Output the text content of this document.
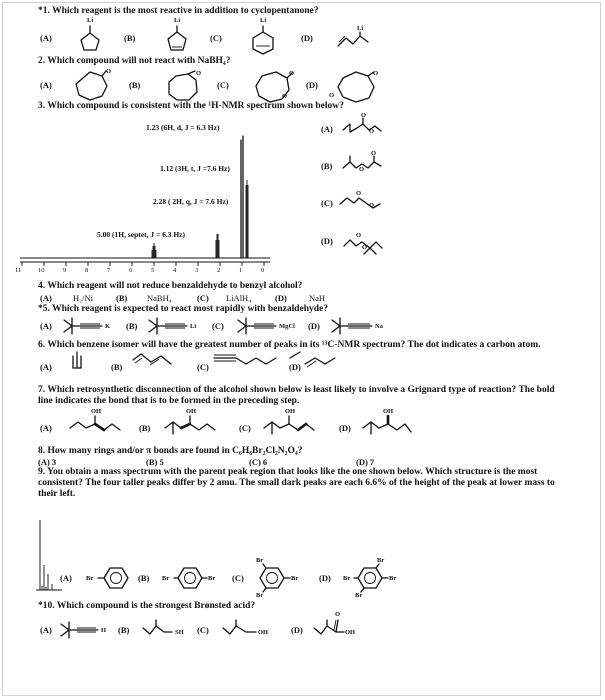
*1. Which reagent is the most reactive in addition to cyclopentanone?
(A)	(B)	(C)	(D)
Li	Li	Li
Li
2. Which compound will not react with NaBH₄?
(A)	(B)	(C)	(D)
O	O	O
O
O
O
3. Which compound is consistent with the ¹H-NMR spectrum shown below?
1.23 (6H, d, J = 6.3 Hz)
1.12 (3H, t, J =7.6 Hz)
2.28 ( 2H, q, J = 7.6 Hz)
5.00 (1H, septet, J = 6.3 Hz)
11	10	9	8	7	6	5	4	3	2	1	0
(A)
(B)
(C)
(D)
O
O
O
O
O
O
O
O
4. Which reagent will not reduce benzaldehyde to benzyl alcohol?
(A) H₂/Ni	(B) NaBH₄	(C) LiAlH₄	(D)	NaH
*5. Which reagent is expected to react most rapidly with benzaldehyde?
(A)	(B)	(C)	(D)
K	Li	MgCl	Na
6. Which benzene isomer will have the greatest number of peaks in its ¹³C-NMR spectrum? The dot indicates a carbon atom.
(A)	(B)	(C)	(D)
7. Which retrosynthetic disconnection of the alcohol shown below is least likely to involve a Grignard type of reaction? The bold line indicates the bond that is to be formed in the preceding step.
(A)	(B)	(C)	(D)
OH	OH	OH	OH
8. How many rings and/or π bonds are found in C₆H₆Br₂Cl₂N₂O₄?
(A) 3	(B) 5	(C) 6	(D) 7
9. You obtain a mass spectrum with the parent peak region that looks like the one shown below. Which structure is the most consistent? The four taller peaks differ by 2 amu. The small dark peaks are each 6.6% of the height of the peak at lower mass to their left.
(A)	(B)	(C)	(D)
Br	Br	Br
Br
Br
Br
Br
Br	Br
Br
*10. Which compound is the strongest Brønsted acid?
(A)	(B)	(C)	(D)
H	SH	OH	OH
O
